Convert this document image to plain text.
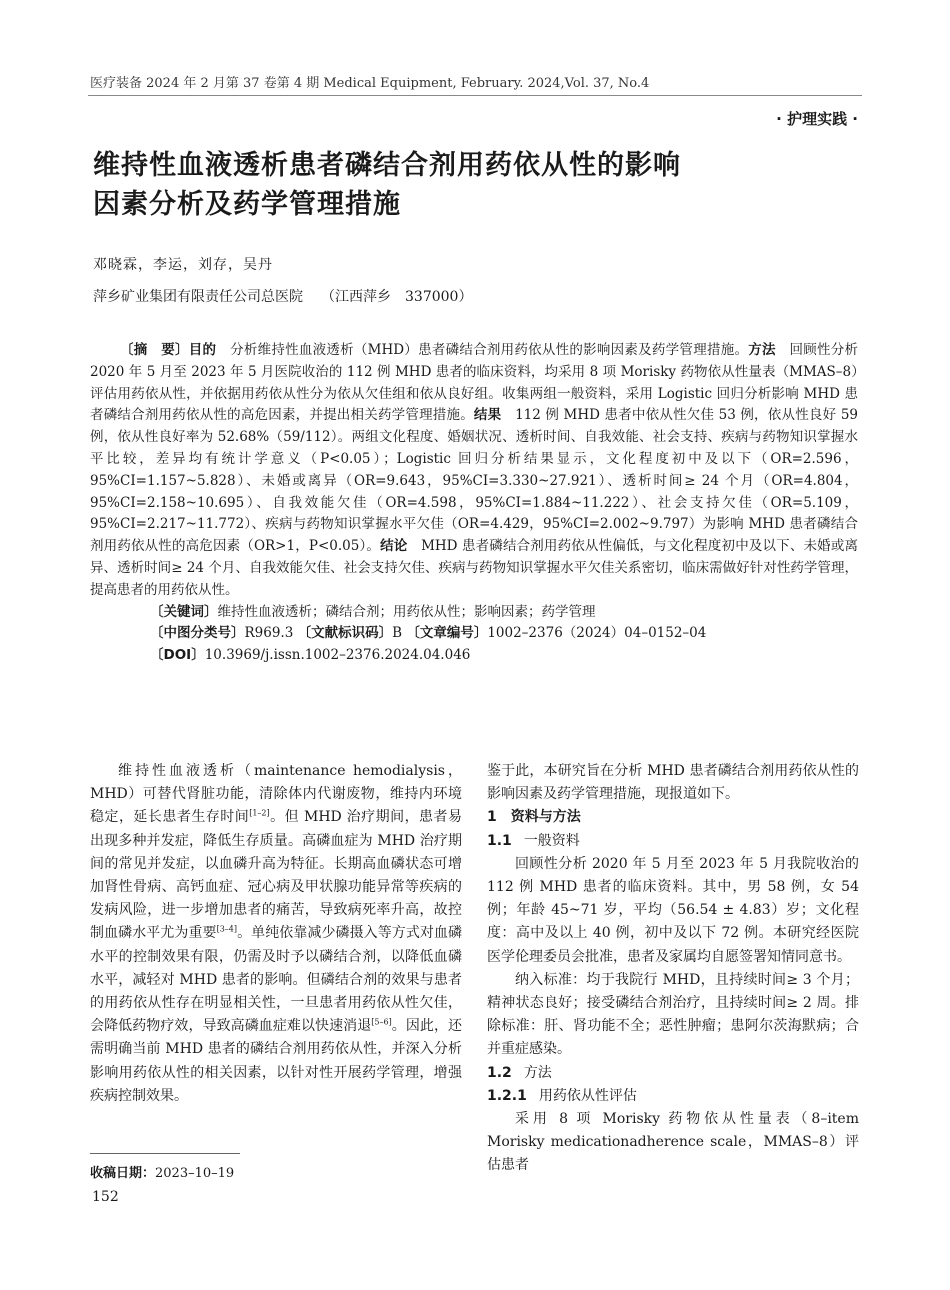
医疗装备 2024 年 2 月第 37 卷第 4 期 Medical Equipment, February. 2024,Vol. 37, No.4
· 护理实践 ·
维持性血液透析患者磷结合剂用药依从性的影响
因素分析及药学管理措施
邓晓霖，李运，刘存，吴丹
萍乡矿业集团有限责任公司总医院 （江西萍乡　337000）

〔摘　要〕目的　分析维持性血液透析（MHD）患者磷结合剂用药依从性的影响因素及药学管理措施。方法　回顾性分析 2020 年 5 月至 2023 年 5 月医院收治的 112 例 MHD 患者的临床资料，均采用 8 项 Morisky 药物依从性量表（MMAS–8）评估用药依从性，并依据用药依从性分为依从欠佳组和依从良好组。收集两组一般资料，采用 Logistic 回归分析影响 MHD 患者磷结合剂用药依从性的高危因素，并提出相关药学管理措施。结果　112 例 MHD 患者中依从性欠佳 53 例，依从性良好 59 例，依从性良好率为 52.68%（59/112）。两组文化程度、婚姻状况、透析时间、自我效能、社会支持、疾病与药物知识掌握水平比较，差异均有统计学意义（P<0.05）；Logistic 回归分析结果显示，文化程度初中及以下（OR=2.596，95%CI=1.157~5.828）、未婚或离异（OR=9.643，95%CI=3.330~27.921）、透析时间≥ 24 个月（OR=4.804，95%CI=2.158~10.695）、自我效能欠佳（OR=4.598，95%CI=1.884~11.222）、社会支持欠佳（OR=5.109，95%CI=2.217~11.772）、疾病与药物知识掌握水平欠佳（OR=4.429，95%CI=2.002~9.797）为影响 MHD 患者磷结合剂用药依从性的高危因素（OR>1，P<0.05）。结论　MHD 患者磷结合剂用药依从性偏低，与文化程度初中及以下、未婚或离异、透析时间≥ 24 个月、自我效能欠佳、社会支持欠佳、疾病与药物知识掌握水平欠佳关系密切，临床需做好针对性药学管理，提高患者的用药依从性。

〔关键词〕维持性血液透析；磷结合剂；用药依从性；影响因素；药学管理

〔中图分类号〕R969.3 〔文献标识码〕B 〔文章编号〕1002–2376（2024）04–0152–04

〔DOI〕10.3969/j.issn.1002–2376.2024.04.046

维持性血液透析（maintenance hemodialysis，MHD）可替代肾脏功能，清除体内代谢废物，维持内环境稳定，延长患者生存时间[1–2]。但 MHD 治疗期间，患者易出现多种并发症，降低生存质量。高磷血症为 MHD 治疗期间的常见并发症，以血磷升高为特征。长期高血磷状态可增加肾性骨病、高钙血症、冠心病及甲状腺功能异常等疾病的发病风险，进一步增加患者的痛苦，导致病死率升高，故控制血磷水平尤为重要[3–4]。单纯依靠减少磷摄入等方式对血磷水平的控制效果有限，仍需及时予以磷结合剂，以降低血磷水平，减轻对 MHD 患者的影响。但磷结合剂的效果与患者的用药依从性存在明显相关性，一旦患者用药依从性欠佳，会降低药物疗效，导致高磷血症难以快速消退[5–6]。因此，还需明确当前 MHD 患者的磷结合剂用药依从性，并深入分析影响用药依从性的相关因素，以针对性开展药学管理，增强疾病控制效果。

鉴于此，本研究旨在分析 MHD 患者磷结合剂用药依从性的影响因素及药学管理措施，现报道如下。

1　资料与方法

1.1 一般资料

回顾性分析 2020 年 5 月至 2023 年 5 月我院收治的 112 例 MHD 患者的临床资料。其中，男 58 例，女 54 例；年龄 45~71 岁，平均（56.54 ± 4.83）岁；文化程度：高中及以上 40 例，初中及以下 72 例。本研究经医院医学伦理委员会批准，患者及家属均自愿签署知情同意书。

纳入标准：均于我院行 MHD，且持续时间≥ 3 个月；精神状态良好；接受磷结合剂治疗，且持续时间≥ 2 周。排除标准：肝、肾功能不全；恶性肿瘤；患阿尔茨海默病；合并重症感染。

1.2 方法

1.2.1 用药依从性评估

采用 8 项 Morisky 药物依从性量表（8–item Morisky medicationadherence scale，MMAS–8）评估患者

收稿日期：2023–10–19
152
